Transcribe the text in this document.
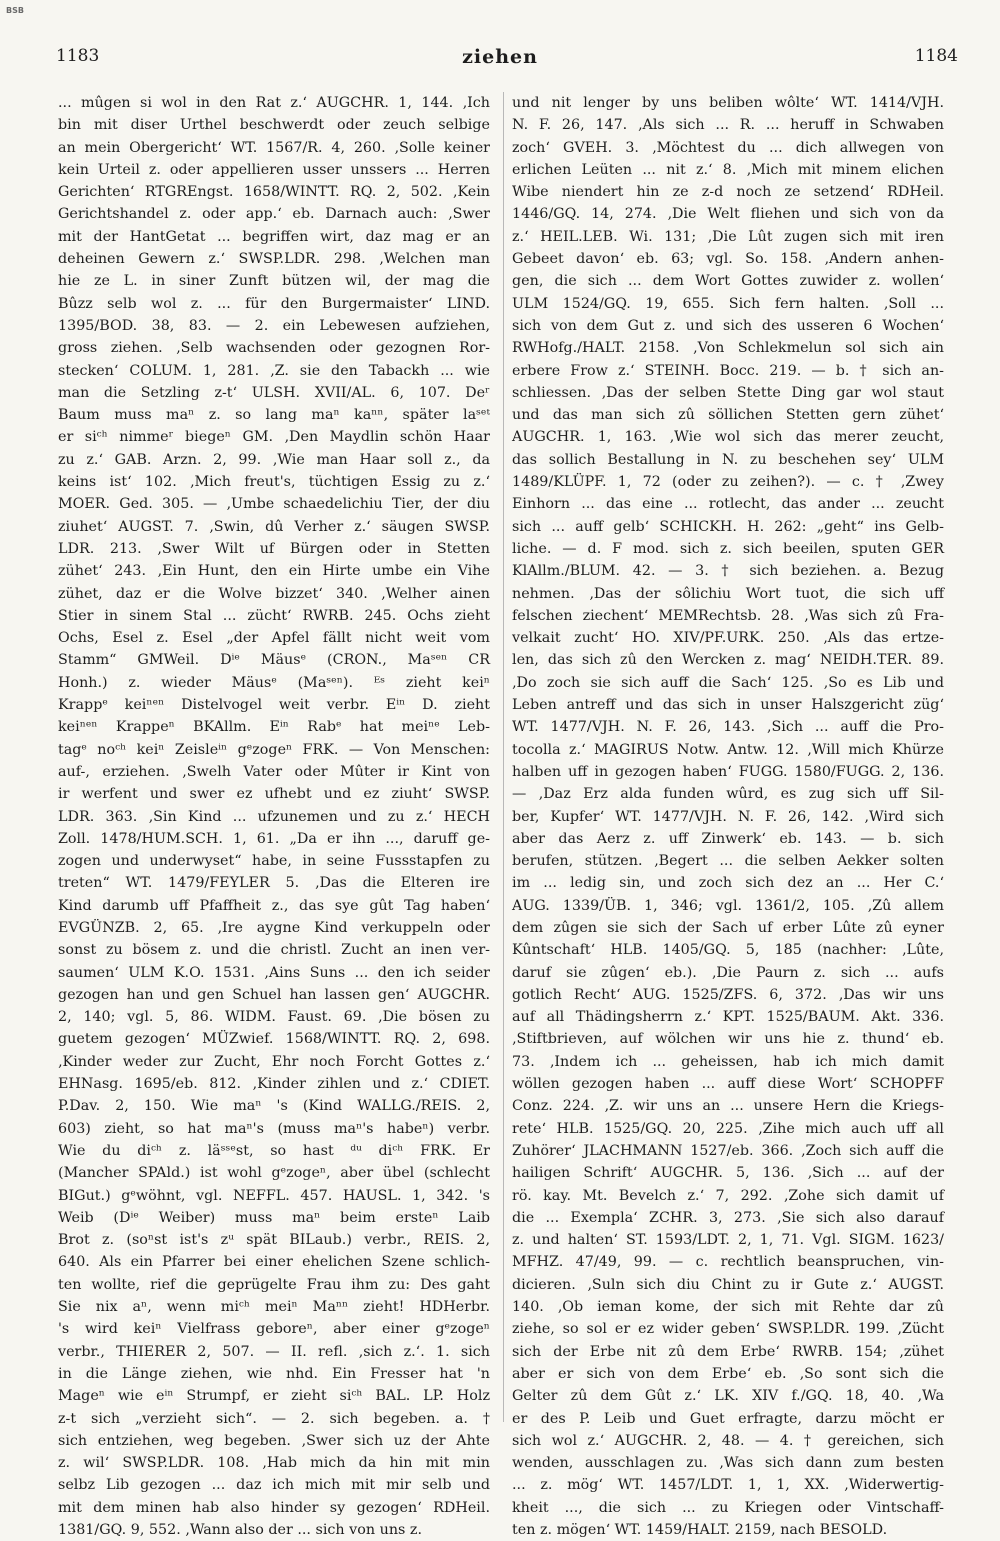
BSB
1183	ziehen	1184
... mûgen si wol in den Rat z.‘ AUGCHR. 1, 144. ‚Ich
bin mit diser Urthel beschwerdt oder zeuch selbige
an mein Obergericht‘ WT. 1567/R. 4, 260. ‚Solle keiner
kein Urteil z. oder appellieren usser unssers ... Herren
Gerichten‘ RTGREngst. 1658/WINTT. RQ. 2, 502. ‚Kein
Gerichtshandel z. oder app.‘ eb. Darnach auch: ‚Swer
mit der HantGetat ... begriffen wirt, daz mag er an
deheinen Gewern z.‘ SWSP.LDR. 298. ‚Welchen man
hie ze L. in siner Zunft bützen wil, der mag die
Bûzz selb wol z. ... für den Burgermaister‘ LIND.
1395/BOD. 38, 83. — 2. ein Lebewesen aufziehen,
gross ziehen. ‚Selb wachsenden oder gezognen Ror-
stecken‘ COLUM. 1, 281. ‚Z. sie den Tabackh ... wie
man die Setzling z-t‘ ULSH. XVII/AL. 6, 107. Deʳ
Baum muss maⁿ z. so lang maⁿ kaⁿⁿ, später laˢᵉᵗ
er siᶜʰ nimmeʳ biegeⁿ GM. ‚Den Maydlin schön Haar
zu z.‘ GAB. Arzn. 2, 99. ‚Wie man Haar soll z., da
keins ist‘ 102. ‚Mich freut's, tüchtigen Essig zu z.‘
MOER. Ged. 305. — ‚Umbe schaedelichiu Tier, der diu
ziuhet‘ AUGST. 7. ‚Swin, dû Verher z.‘ säugen SWSP.
LDR. 213. ‚Swer Wilt uf Bürgen oder in Stetten
zühet‘ 243. ‚Ein Hunt, den ein Hirte umbe ein Vihe
zühet, daz er die Wolve bizzet‘ 340. ‚Welher ainen
Stier in sinem Stal ... zücht‘ RWRB. 245. Ochs zieht
Ochs, Esel z. Esel „der Apfel fällt nicht weit vom
Stamm“ GMWeil. Dⁱᵉ Mäusᵉ (CRON., Maˢᵉⁿ CR
Honh.) z. wieder Mäusᵉ (Maˢᵉⁿ). ᴱˢ zieht keiⁿ
Krappᵉ keiⁿᵉⁿ Distelvogel weit verbr. Eⁱⁿ D. zieht
keiⁿᵉⁿ Krappeⁿ BKAllm. Eⁱⁿ Rabᵉ hat meiⁿᵉ Leb-
tagᵉ noᶜʰ keiⁿ Zeisleⁱⁿ gᵉzogeⁿ FRK. — Von Menschen:
auf-, erziehen. ‚Swelh Vater oder Mûter ir Kint von
ir werfent und swer ez ufhebt und ez ziuht‘ SWSP.
LDR. 363. ‚Sin Kind ... ufzunemen und zu z.‘ HECH
Zoll. 1478/HUM.SCH. 1, 61. „Da er ihn ..., daruff ge-
zogen und underwyset“ habe, in seine Fussstapfen zu
treten“ WT. 1479/FEYLER 5. ‚Das die Elteren ire
Kind darumb uff Pfaffheit z., das sye gût Tag haben‘
EVGÜNZB. 2, 65. ‚Ire aygne Kind verkuppeln oder
sonst zu bösem z. und die christl. Zucht an inen ver-
saumen‘ ULM K.O. 1531. ‚Ains Suns ... den ich seider
gezogen han und gen Schuel han lassen gen‘ AUGCHR.
2, 140; vgl. 5, 86. WIDM. Faust. 69. ‚Die bösen zu
guetem gezogen‘ MÜZwief. 1568/WINTT. RQ. 2, 698.
‚Kinder weder zur Zucht, Ehr noch Forcht Gottes z.‘
EHNasg. 1695/eb. 812. ‚Kinder zihlen und z.‘ CDIET.
P.Dav. 2, 150. Wie maⁿ 's (Kind WALLG./REIS. 2,
603) zieht, so hat maⁿ's (muss maⁿ's habeⁿ) verbr.
Wie du diᶜʰ z. läˢˢᵉst, so hast ᵈᵘ diᶜʰ FRK. Er
(Mancher SPAld.) ist wohl gᵉzogeⁿ, aber übel (schlecht
BIGut.) gᵉwöhnt, vgl. NEFFL. 457. HAUSL. 1, 342. 's
Weib (Dⁱᵉ Weiber) muss maⁿ beim ersteⁿ Laib
Brot z. (soⁿst ist's zᵘ spät BILaub.) verbr., REIS. 2,
640. Als ein Pfarrer bei einer ehelichen Szene schlich-
ten wollte, rief die geprügelte Frau ihm zu: Des gaht
Sie nix aⁿ, wenn miᶜʰ meiⁿ Maⁿⁿ zieht! HDHerbr.
's wird keiⁿ Vielfrass geboreⁿ, aber einer gᵉzogeⁿ
verbr., THIERER 2, 507. — II. refl. ‚sich z.‘. 1. sich
in die Länge ziehen, wie nhd. Ein Fresser hat 'n
Mageⁿ wie eⁱⁿ Strumpf, er zieht siᶜʰ BAL. LP. Holz
z-t sich „verzieht sich“. — 2. sich begeben. a. †
sich entziehen, weg begeben. ‚Swer sich uz der Ahte
z. wil‘ SWSP.LDR. 108. ‚Hab mich da hin mit min
selbz Lib gezogen ... daz ich mich mit mir selb und
mit dem minen hab also hinder sy gezogen‘ RDHeil.
1381/GQ. 9, 552. ‚Wann also der ... sich von uns z.
und nit lenger by uns beliben wôlte‘ WT. 1414/VJH.
N. F. 26, 147. ‚Als sich ... R. ... heruff in Schwaben
zoch‘ GVEH. 3. ‚Möchtest du ... dich allwegen von
erlichen Leüten ... nit z.‘ 8. ‚Mich mit minem elichen
Wibe niendert hin ze z-d noch ze setzend‘ RDHeil.
1446/GQ. 14, 274. ‚Die Welt fliehen und sich von da
z.‘ HEIL.LEB. Wi. 131; ‚Die Lût zugen sich mit iren
Gebeet davon‘ eb. 63; vgl. So. 158. ‚Andern anhen-
gen, die sich ... dem Wort Gottes zuwider z. wollen‘
ULM 1524/GQ. 19, 655. Sich fern halten. ‚Soll ...
sich von dem Gut z. und sich des usseren 6 Wochen‘
RWHofg./HALT. 2158. ‚Von Schlekmelun sol sich ain
erbere Frow z.‘ STEINH. Bocc. 219. — b. † sich an-
schliessen. ‚Das der selben Stette Ding gar wol staut
und das man sich zû söllichen Stetten gern zühet‘
AUGCHR. 1, 163. ‚Wie wol sich das merer zeucht,
das sollich Bestallung in N. zu beschehen sey‘ ULM
1489/KLÜPF. 1, 72 (oder zu zeihen?). — c. † ‚Zwey
Einhorn ... das eine ... rotlecht, das ander ... zeucht
sich ... auff gelb‘ SCHICKH. H. 262: „geht“ ins Gelb-
liche. — d. F mod. sich z. sich beeilen, sputen GER
KlAllm./BLUM. 42. — 3. † sich beziehen. a. Bezug
nehmen. ‚Das der sôlichiu Wort tuot, die sich uff
felschen ziechent‘ MEMRechtsb. 28. ‚Was sich zû Fra-
velkait zucht‘ HO. XIV/PF.URK. 250. ‚Als das ertze-
len, das sich zû den Wercken z. mag‘ NEIDH.TER. 89.
‚Do zoch sie sich auff die Sach‘ 125. ‚So es Lib und
Leben antreff und das sich in unser Halszgericht züg‘
WT. 1477/VJH. N. F. 26, 143. ‚Sich ... auff die Pro-
tocolla z.‘ MAGIRUS Notw. Antw. 12. ‚Will mich Khürze
halben uff in gezogen haben‘ FUGG. 1580/FUGG. 2, 136.
— ‚Daz Erz alda funden wûrd, es zug sich uff Sil-
ber, Kupfer‘ WT. 1477/VJH. N. F. 26, 142. ‚Wird sich
aber das Aerz z. uff Zinwerk‘ eb. 143. — b. sich
berufen, stützen. ‚Begert ... die selben Aekker solten
im ... ledig sin, und zoch sich dez an ... Her C.‘
AUG. 1339/ÜB. 1, 346; vgl. 1361/2, 105. ‚Zû allem
dem zûgen sie sich der Sach uf erber Lûte zû eyner
Kûntschaft‘ HLB. 1405/GQ. 5, 185 (nachher: ‚Lûte,
daruf sie zûgen‘ eb.). ‚Die Paurn z. sich ... aufs
gotlich Recht‘ AUG. 1525/ZFS. 6, 372. ‚Das wir uns
auf all Thädingsherrn z.‘ KPT. 1525/BAUM. Akt. 336.
‚Stiftbrieven, auf wölchen wir uns hie z. thund‘ eb.
73. ‚Indem ich ... geheissen, hab ich mich damit
wöllen gezogen haben ... auff diese Wort‘ SCHOPFF
Conz. 224. ‚Z. wir uns an ... unsere Hern die Kriegs-
rete‘ HLB. 1525/GQ. 20, 225. ‚Zihe mich auch uff all
Zuhörer‘ JLACHMANN 1527/eb. 366. ‚Zoch sich auff die
hailigen Schrift‘ AUGCHR. 5, 136. ‚Sich ... auf der
rö. kay. Mt. Bevelch z.‘ 7, 292. ‚Zohe sich damit uf
die ... Exempla‘ ZCHR. 3, 273. ‚Sie sich also darauf
z. und halten‘ ST. 1593/LDT. 2, 1, 71. Vgl. SIGM. 1623/
MFHZ. 47/49, 99. — c. rechtlich beanspruchen, vin-
dicieren. ‚Suln sich diu Chint zu ir Gute z.‘ AUGST.
140. ‚Ob ieman kome, der sich mit Rehte dar zû
ziehe, so sol er ez wider geben‘ SWSP.LDR. 199. ‚Zücht
sich der Erbe nit zû dem Erbe‘ RWRB. 154; ‚zühet
aber er sich von dem Erbe‘ eb. ‚So sont sich die
Gelter zû dem Gût z.‘ LK. XIV f./GQ. 18, 40. ‚Wa
er des P. Leib und Guet erfragte, darzu möcht er
sich wol z.‘ AUGCHR. 2, 48. — 4. † gereichen, sich
wenden, ausschlagen zu. ‚Was sich dann zum besten
... z. mög‘ WT. 1457/LDT. 1, 1, XX. ‚Widerwertig-
kheit ..., die sich ... zu Kriegen oder Vintschaff-
ten z. mögen‘ WT. 1459/HALT. 2159, nach BESOLD.
